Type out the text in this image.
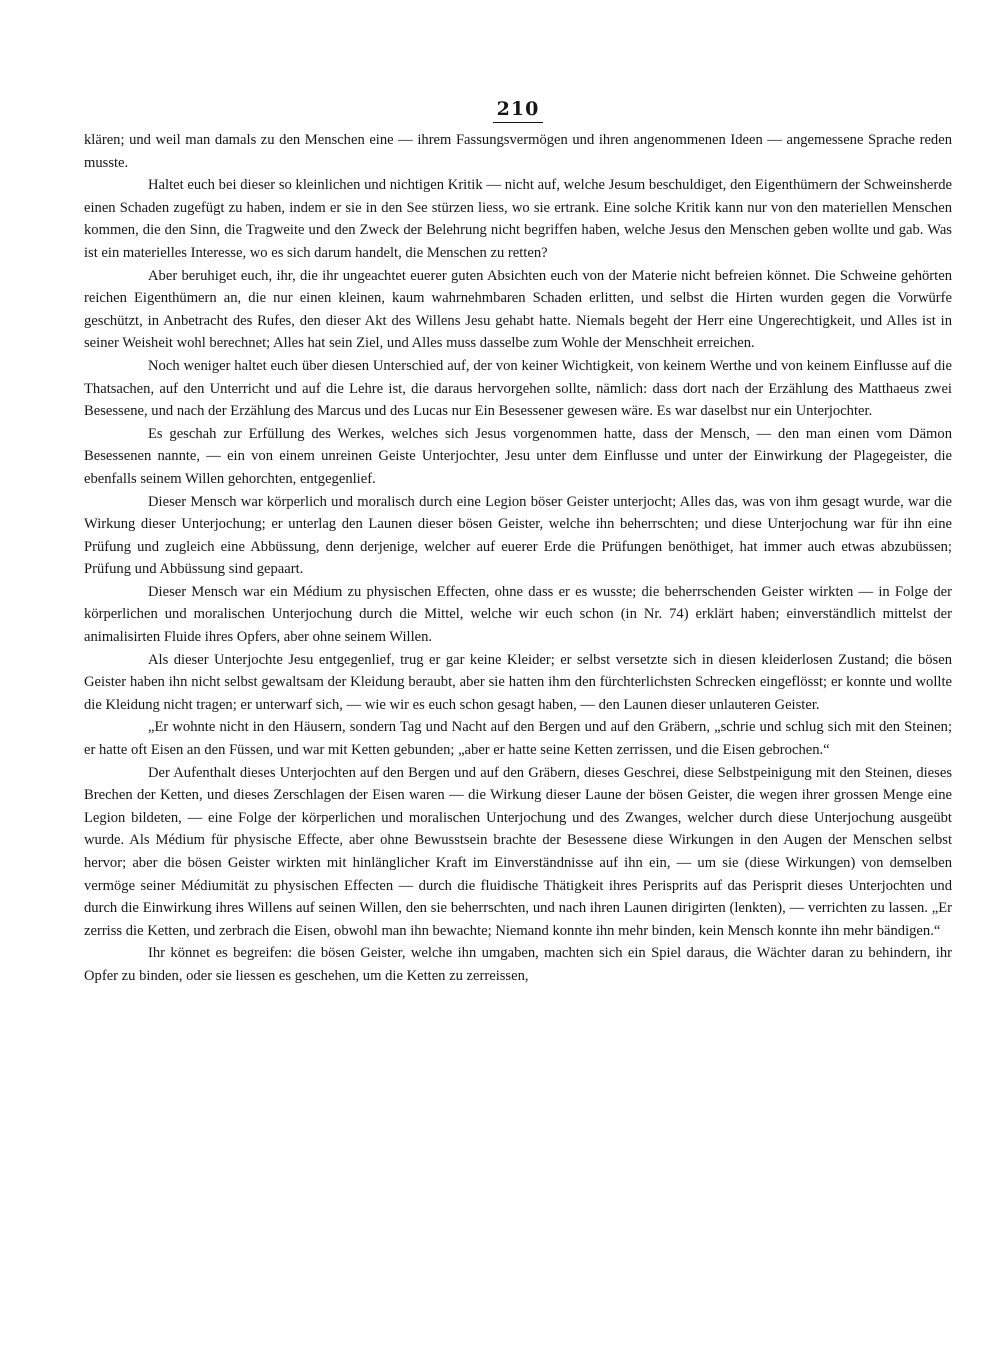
210

klären; und weil man damals zu den Menschen eine — ihrem Fassungsvermögen und ihren angenommenen Ideen — angemessene Sprache reden musste.

Haltet euch bei dieser so kleinlichen und nichtigen Kritik — nicht auf, welche Jesum beschuldiget, den Eigenthümern der Schweinsherde einen Schaden zugefügt zu haben, indem er sie in den See stürzen liess, wo sie ertrank. Eine solche Kritik kann nur von den materiellen Menschen kommen, die den Sinn, die Tragweite und den Zweck der Belehrung nicht begriffen haben, welche Jesus den Menschen geben wollte und gab. Was ist ein materielles Interesse, wo es sich darum handelt, die Menschen zu retten?

Aber beruhiget euch, ihr, die ihr ungeachtet euerer guten Absichten euch von der Materie nicht befreien könnet. Die Schweine gehörten reichen Eigenthümern an, die nur einen kleinen, kaum wahrnehmbaren Schaden erlitten, und selbst die Hirten wurden gegen die Vorwürfe geschützt, in Anbetracht des Rufes, den dieser Akt des Willens Jesu gehabt hatte. Niemals begeht der Herr eine Ungerechtigkeit, und Alles ist in seiner Weisheit wohl berechnet; Alles hat sein Ziel, und Alles muss dasselbe zum Wohle der Menschheit erreichen.

Noch weniger haltet euch über diesen Unterschied auf, der von keiner Wichtigkeit, von keinem Werthe und von keinem Einflusse auf die Thatsachen, auf den Unterricht und auf die Lehre ist, die daraus hervorgehen sollte, nämlich: dass dort nach der Erzählung des Matthaeus zwei Besessene, und nach der Erzählung des Marcus und des Lucas nur Ein Besessener gewesen wäre. Es war daselbst nur ein Unterjochter.

Es geschah zur Erfüllung des Werkes, welches sich Jesus vorgenommen hatte, dass der Mensch, — den man einen vom Dämon Besessenen nannte, — ein von einem unreinen Geiste Unterjochter, Jesu unter dem Einflusse und unter der Einwirkung der Plagegeister, die ebenfalls seinem Willen gehorchten, entgegenlief.

Dieser Mensch war körperlich und moralisch durch eine Legion böser Geister unterjocht; Alles das, was von ihm gesagt wurde, war die Wirkung dieser Unterjochung; er unterlag den Launen dieser bösen Geister, welche ihn beherrschten; und diese Unterjochung war für ihn eine Prüfung und zugleich eine Abbüssung, denn derjenige, welcher auf euerer Erde die Prüfungen benöthiget, hat immer auch etwas abzubüssen; Prüfung und Abbüssung sind gepaart.

Dieser Mensch war ein Médium zu physischen Effecten, ohne dass er es wusste; die beherrschenden Geister wirkten — in Folge der körperlichen und moralischen Unterjochung durch die Mittel, welche wir euch schon (in Nr. 74) erklärt haben; einverständlich mittelst der animalisirten Fluide ihres Opfers, aber ohne seinem Willen.

Als dieser Unterjochte Jesu entgegenlief, trug er gar keine Kleider; er selbst versetzte sich in diesen kleiderlosen Zustand; die bösen Geister haben ihn nicht selbst gewaltsam der Kleidung beraubt, aber sie hatten ihm den fürchterlichsten Schrecken eingeflösst; er konnte und wollte die Kleidung nicht tragen; er unterwarf sich, — wie wir es euch schon gesagt haben, — den Launen dieser unlauteren Geister.

„Er wohnte nicht in den Häusern, sondern Tag und Nacht auf den Bergen und auf den Gräbern, „schrie und schlug sich mit den Steinen; er hatte oft Eisen an den Füssen, und war mit Ketten gebunden; „aber er hatte seine Ketten zerrissen, und die Eisen gebrochen.“

Der Aufenthalt dieses Unterjochten auf den Bergen und auf den Gräbern, dieses Geschrei, diese Selbstpeinigung mit den Steinen, dieses Brechen der Ketten, und dieses Zerschlagen der Eisen waren — die Wirkung dieser Laune der bösen Geister, die wegen ihrer grossen Menge eine Legion bildeten, — eine Folge der körperlichen und moralischen Unterjochung und des Zwanges, welcher durch diese Unterjochung ausgeübt wurde. Als Médium für physische Effecte, aber ohne Bewusstsein brachte der Besessene diese Wirkungen in den Augen der Menschen selbst hervor; aber die bösen Geister wirkten mit hinlänglicher Kraft im Einverständnisse auf ihn ein, — um sie (diese Wirkungen) von demselben vermöge seiner Médiumität zu physischen Effecten — durch die fluidische Thätigkeit ihres Perisprits auf das Perisprit dieses Unterjochten und durch die Einwirkung ihres Willens auf seinen Willen, den sie beherrschten, und nach ihren Launen dirigirten (lenkten), — verrichten zu lassen. „Er zerriss die Ketten, und zerbrach die Eisen, obwohl man ihn bewachte; Niemand konnte ihn mehr binden, kein Mensch konnte ihn mehr bändigen.“

Ihr könnet es begreifen: die bösen Geister, welche ihn umgaben, machten sich ein Spiel daraus, die Wächter daran zu behindern, ihr Opfer zu binden, oder sie liessen es geschehen, um die Ketten zu zerreissen,
